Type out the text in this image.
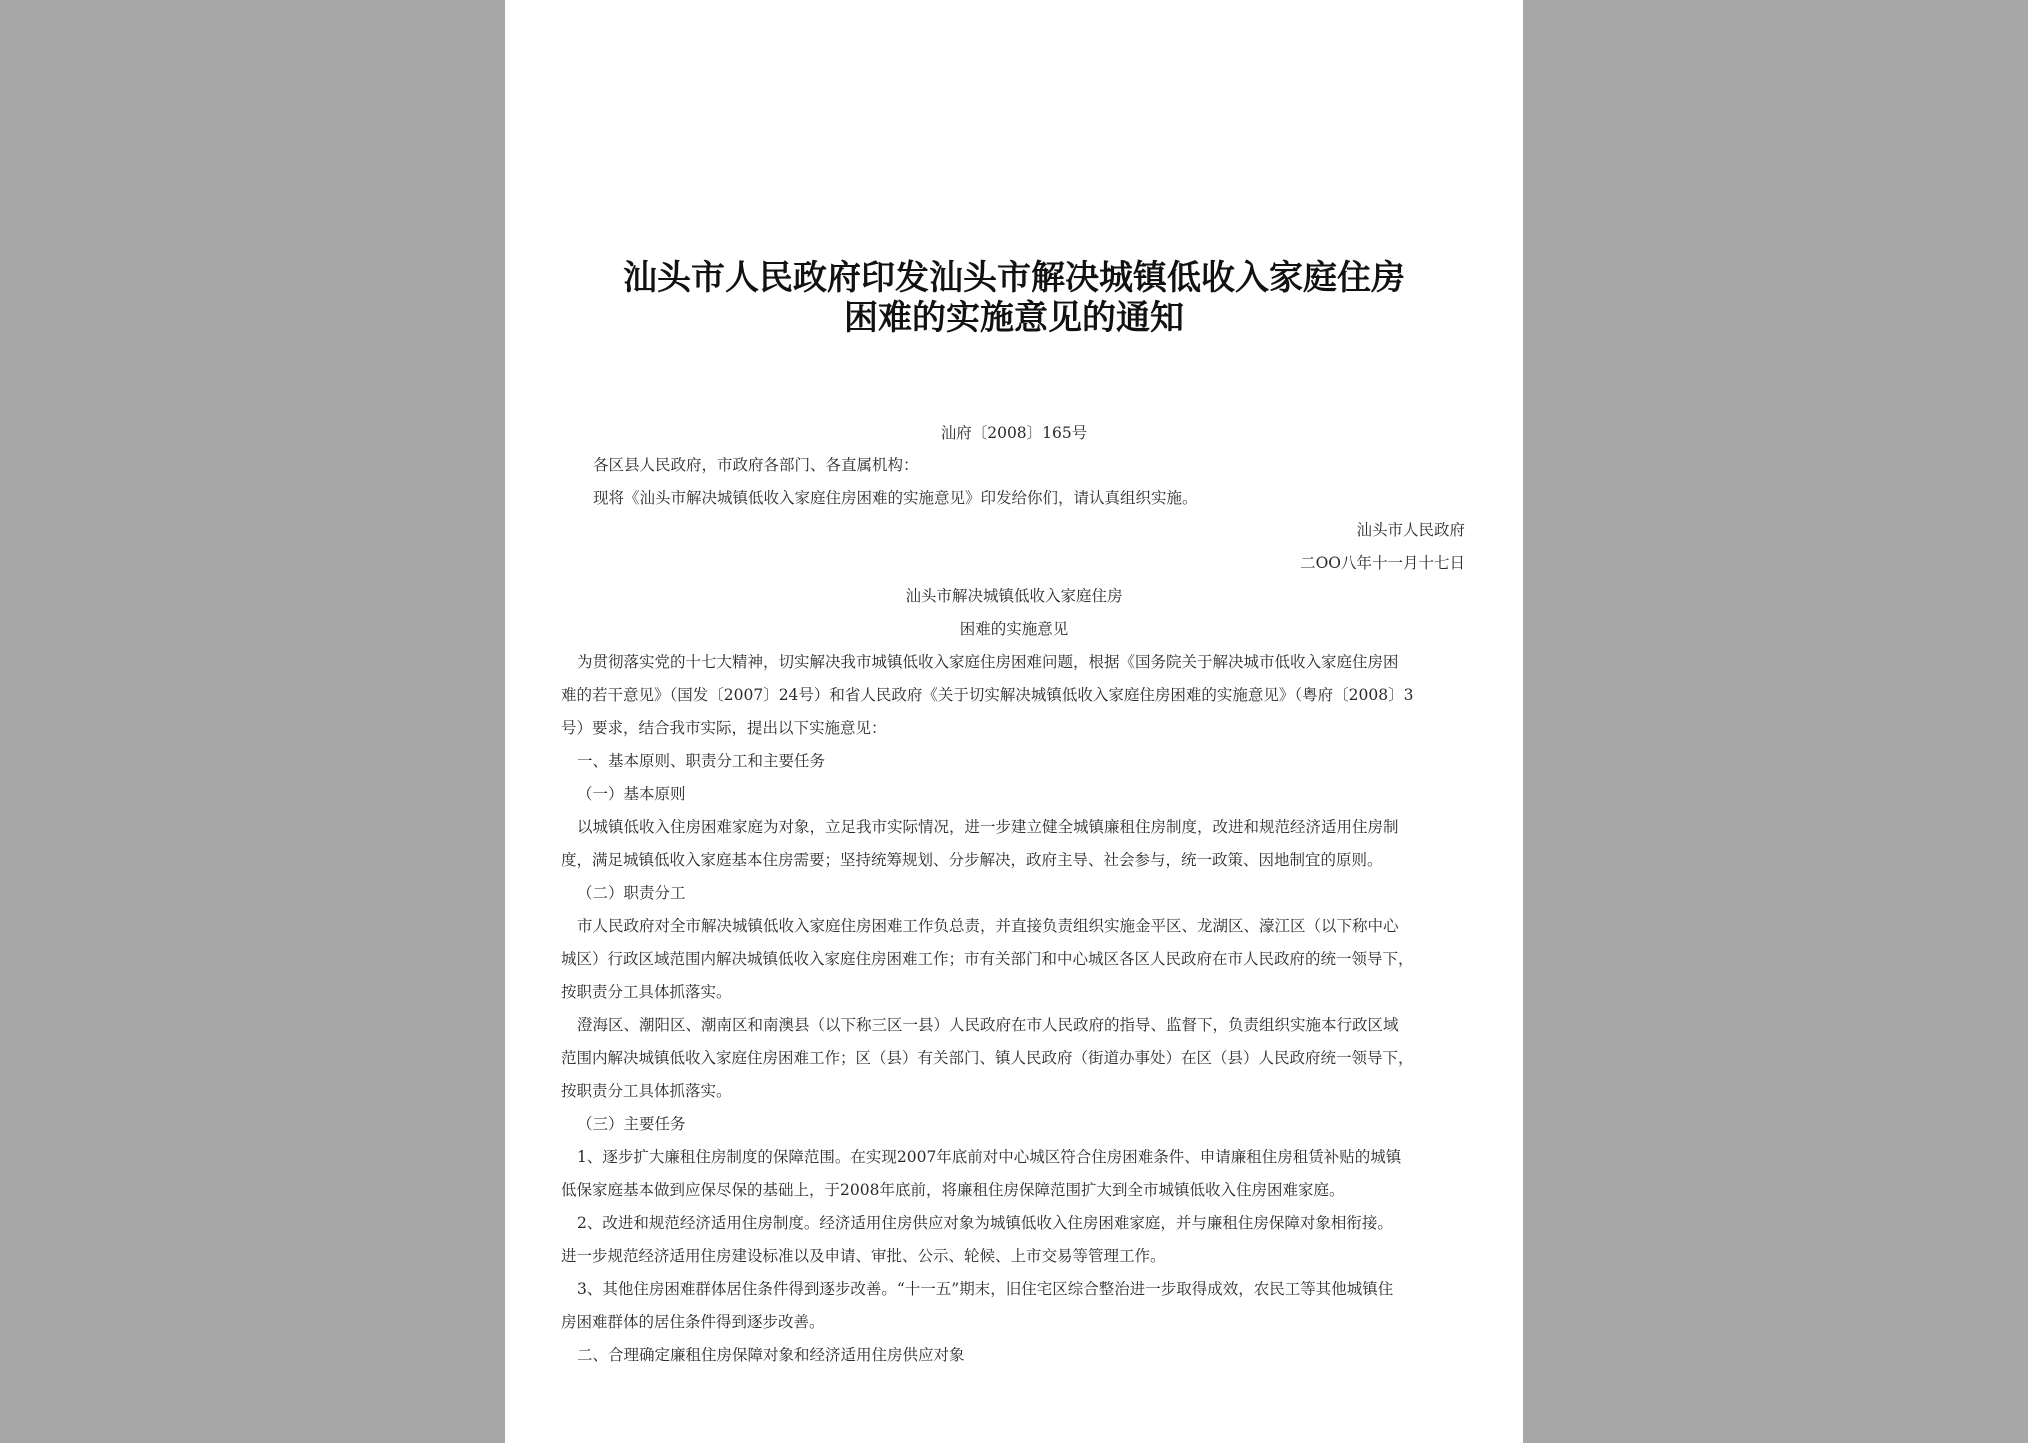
汕头市人民政府印发汕头市解决城镇低收入家庭住房
困难的实施意见的通知
汕府〔2008〕165号
各区县人民政府，市政府各部门、各直属机构：
现将《汕头市解决城镇低收入家庭住房困难的实施意见》印发给你们，请认真组织实施。
汕头市人民政府
二ОО八年十一月十七日
汕头市解决城镇低收入家庭住房
困难的实施意见
为贯彻落实党的十七大精神，切实解决我市城镇低收入家庭住房困难问题，根据《国务院关于解决城市低收入家庭住房困
难的若干意见》（国发〔2007〕24号）和省人民政府《关于切实解决城镇低收入家庭住房困难的实施意见》（粤府〔2008〕3
号）要求，结合我市实际，提出以下实施意见：
一、基本原则、职责分工和主要任务
（一）基本原则
以城镇低收入住房困难家庭为对象，立足我市实际情况，进一步建立健全城镇廉租住房制度，改进和规范经济适用住房制
度，满足城镇低收入家庭基本住房需要；坚持统筹规划、分步解决，政府主导、社会参与，统一政策、因地制宜的原则。
（二）职责分工
市人民政府对全市解决城镇低收入家庭住房困难工作负总责，并直接负责组织实施金平区、龙湖区、濠江区（以下称中心
城区）行政区域范围内解决城镇低收入家庭住房困难工作；市有关部门和中心城区各区人民政府在市人民政府的统一领导下，
按职责分工具体抓落实。
澄海区、潮阳区、潮南区和南澳县（以下称三区一县）人民政府在市人民政府的指导、监督下，负责组织实施本行政区域
范围内解决城镇低收入家庭住房困难工作；区（县）有关部门、镇人民政府（街道办事处）在区（县）人民政府统一领导下，
按职责分工具体抓落实。
（三）主要任务
1、逐步扩大廉租住房制度的保障范围。在实现2007年底前对中心城区符合住房困难条件、申请廉租住房租赁补贴的城镇
低保家庭基本做到应保尽保的基础上，于2008年底前，将廉租住房保障范围扩大到全市城镇低收入住房困难家庭。
2、改进和规范经济适用住房制度。经济适用住房供应对象为城镇低收入住房困难家庭，并与廉租住房保障对象相衔接。
进一步规范经济适用住房建设标准以及申请、审批、公示、轮候、上市交易等管理工作。
3、其他住房困难群体居住条件得到逐步改善。“十一五”期末，旧住宅区综合整治进一步取得成效，农民工等其他城镇住
房困难群体的居住条件得到逐步改善。
二、合理确定廉租住房保障对象和经济适用住房供应对象
